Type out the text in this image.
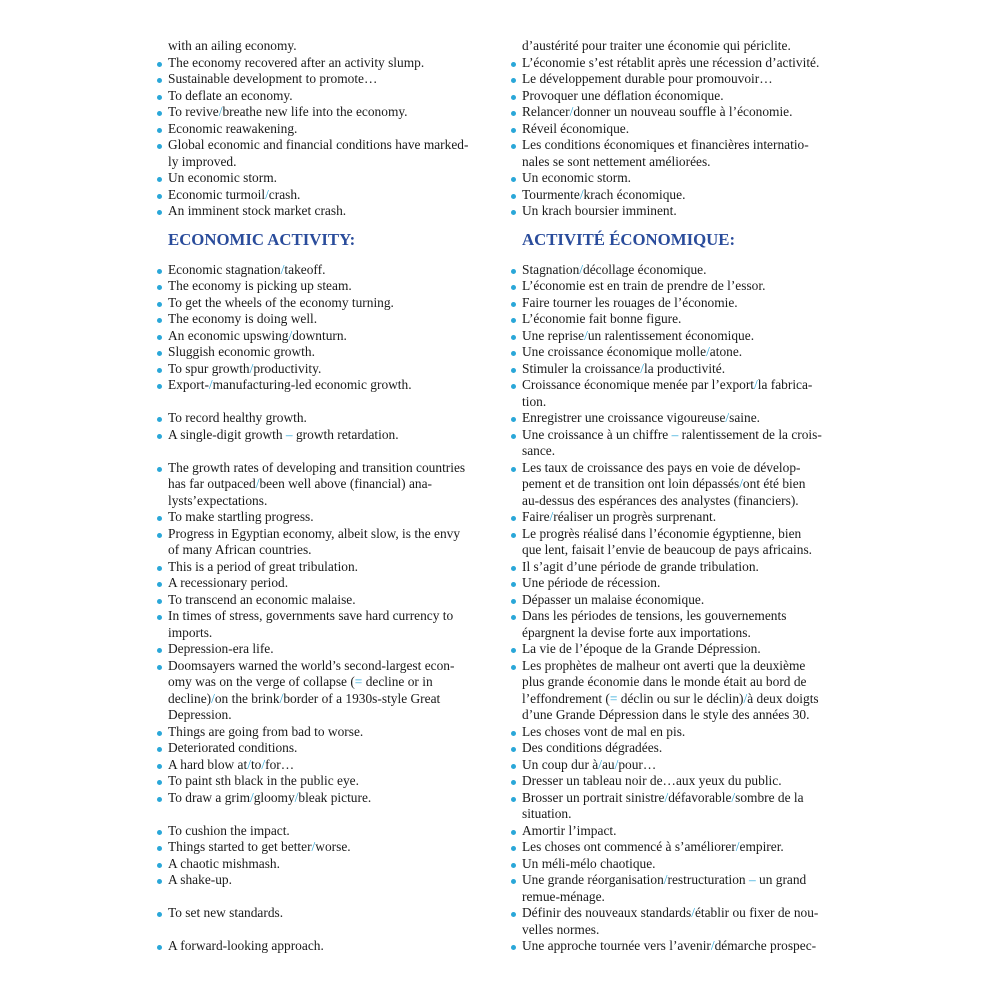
with an ailing economy.
The economy recovered after an activity slump.
Sustainable development to promote…
To deflate an economy.
To revive/breathe new life into the economy.
Economic reawakening.
Global economic and financial conditions have marked-
ly improved.
Un economic storm.
Economic turmoil/crash.
An imminent stock market crash.
ECONOMIC ACTIVITY:
Economic stagnation/takeoff.
The economy is picking up steam.
To get the wheels of the economy turning.
The economy is doing well.
An economic upswing/downturn.
Sluggish economic growth.
To spur growth/productivity.
Export-/manufacturing-led economic growth.
To record healthy growth.
A single-digit growth – growth retardation.
The growth rates of developing and transition countries
has far outpaced/been well above (financial) ana-
lysts’expectations.
To make startling progress.
Progress in Egyptian economy, albeit slow, is the envy
of many African countries.
This is a period of great tribulation.
A recessionary period.
To transcend an economic malaise.
In times of stress, governments save hard currency to
imports.
Depression-era life.
Doomsayers warned the world’s second-largest econ-
omy was on the verge of collapse (= decline or in
decline)/on the brink/border of a 1930s-style Great
Depression.
Things are going from bad to worse.
Deteriorated conditions.
A hard blow at/to/for…
To paint sth black in the public eye.
To draw a grim/gloomy/bleak picture.
To cushion the impact.
Things started to get better/worse.
A chaotic mishmash.
A shake-up.
To set new standards.
A forward-looking approach.
d’austérité pour traiter une économie qui périclite.
L’économie s’est rétablit après une récession d’activité.
Le développement durable pour promouvoir…
Provoquer une déflation économique.
Relancer/donner un nouveau souffle à l’économie.
Réveil économique.
Les conditions économiques et financières internatio-
nales se sont nettement améliorées.
Un economic storm.
Tourmente/krach économique.
Un krach boursier imminent.
ACTIVITÉ ÉCONOMIQUE:
Stagnation/décollage économique.
L’économie est en train de prendre de l’essor.
Faire tourner les rouages de l’économie.
L’économie fait bonne figure.
Une reprise/un ralentissement économique.
Une croissance économique molle/atone.
Stimuler la croissance/la productivité.
Croissance économique menée par l’export/la fabrica-
tion.
Enregistrer une croissance vigoureuse/saine.
Une croissance à un chiffre – ralentissement de la crois-
sance.
Les taux de croissance des pays en voie de dévelop-
pement et de transition ont loin dépassés/ont été bien
au-dessus des espérances des analystes (financiers).
Faire/réaliser un progrès surprenant.
Le progrès réalisé dans l’économie égyptienne, bien
que lent, faisait l’envie de beaucoup de pays africains.
Il s’agit d’une période de grande tribulation.
Une période de récession.
Dépasser un malaise économique.
Dans les périodes de tensions, les gouvernements
épargnent la devise forte aux importations.
La vie de l’époque de la Grande Dépression.
Les prophètes de malheur ont averti que la deuxième
plus grande économie dans le monde était au bord de
l’effondrement (= déclin ou sur le déclin)/à deux doigts
d’une Grande Dépression dans le style des années 30.
Les choses vont de mal en pis.
Des conditions dégradées.
Un coup dur à/au/pour…
Dresser un tableau noir de…aux yeux du public.
Brosser un portrait sinistre/défavorable/sombre de la
situation.
Amortir l’impact.
Les choses ont commencé à s’améliorer/empirer.
Un méli-mélo chaotique.
Une grande réorganisation/restructuration – un grand
remue-ménage.
Définir des nouveaux standards/établir ou fixer de nou-
velles normes.
Une approche tournée vers l’avenir/démarche prospec-
